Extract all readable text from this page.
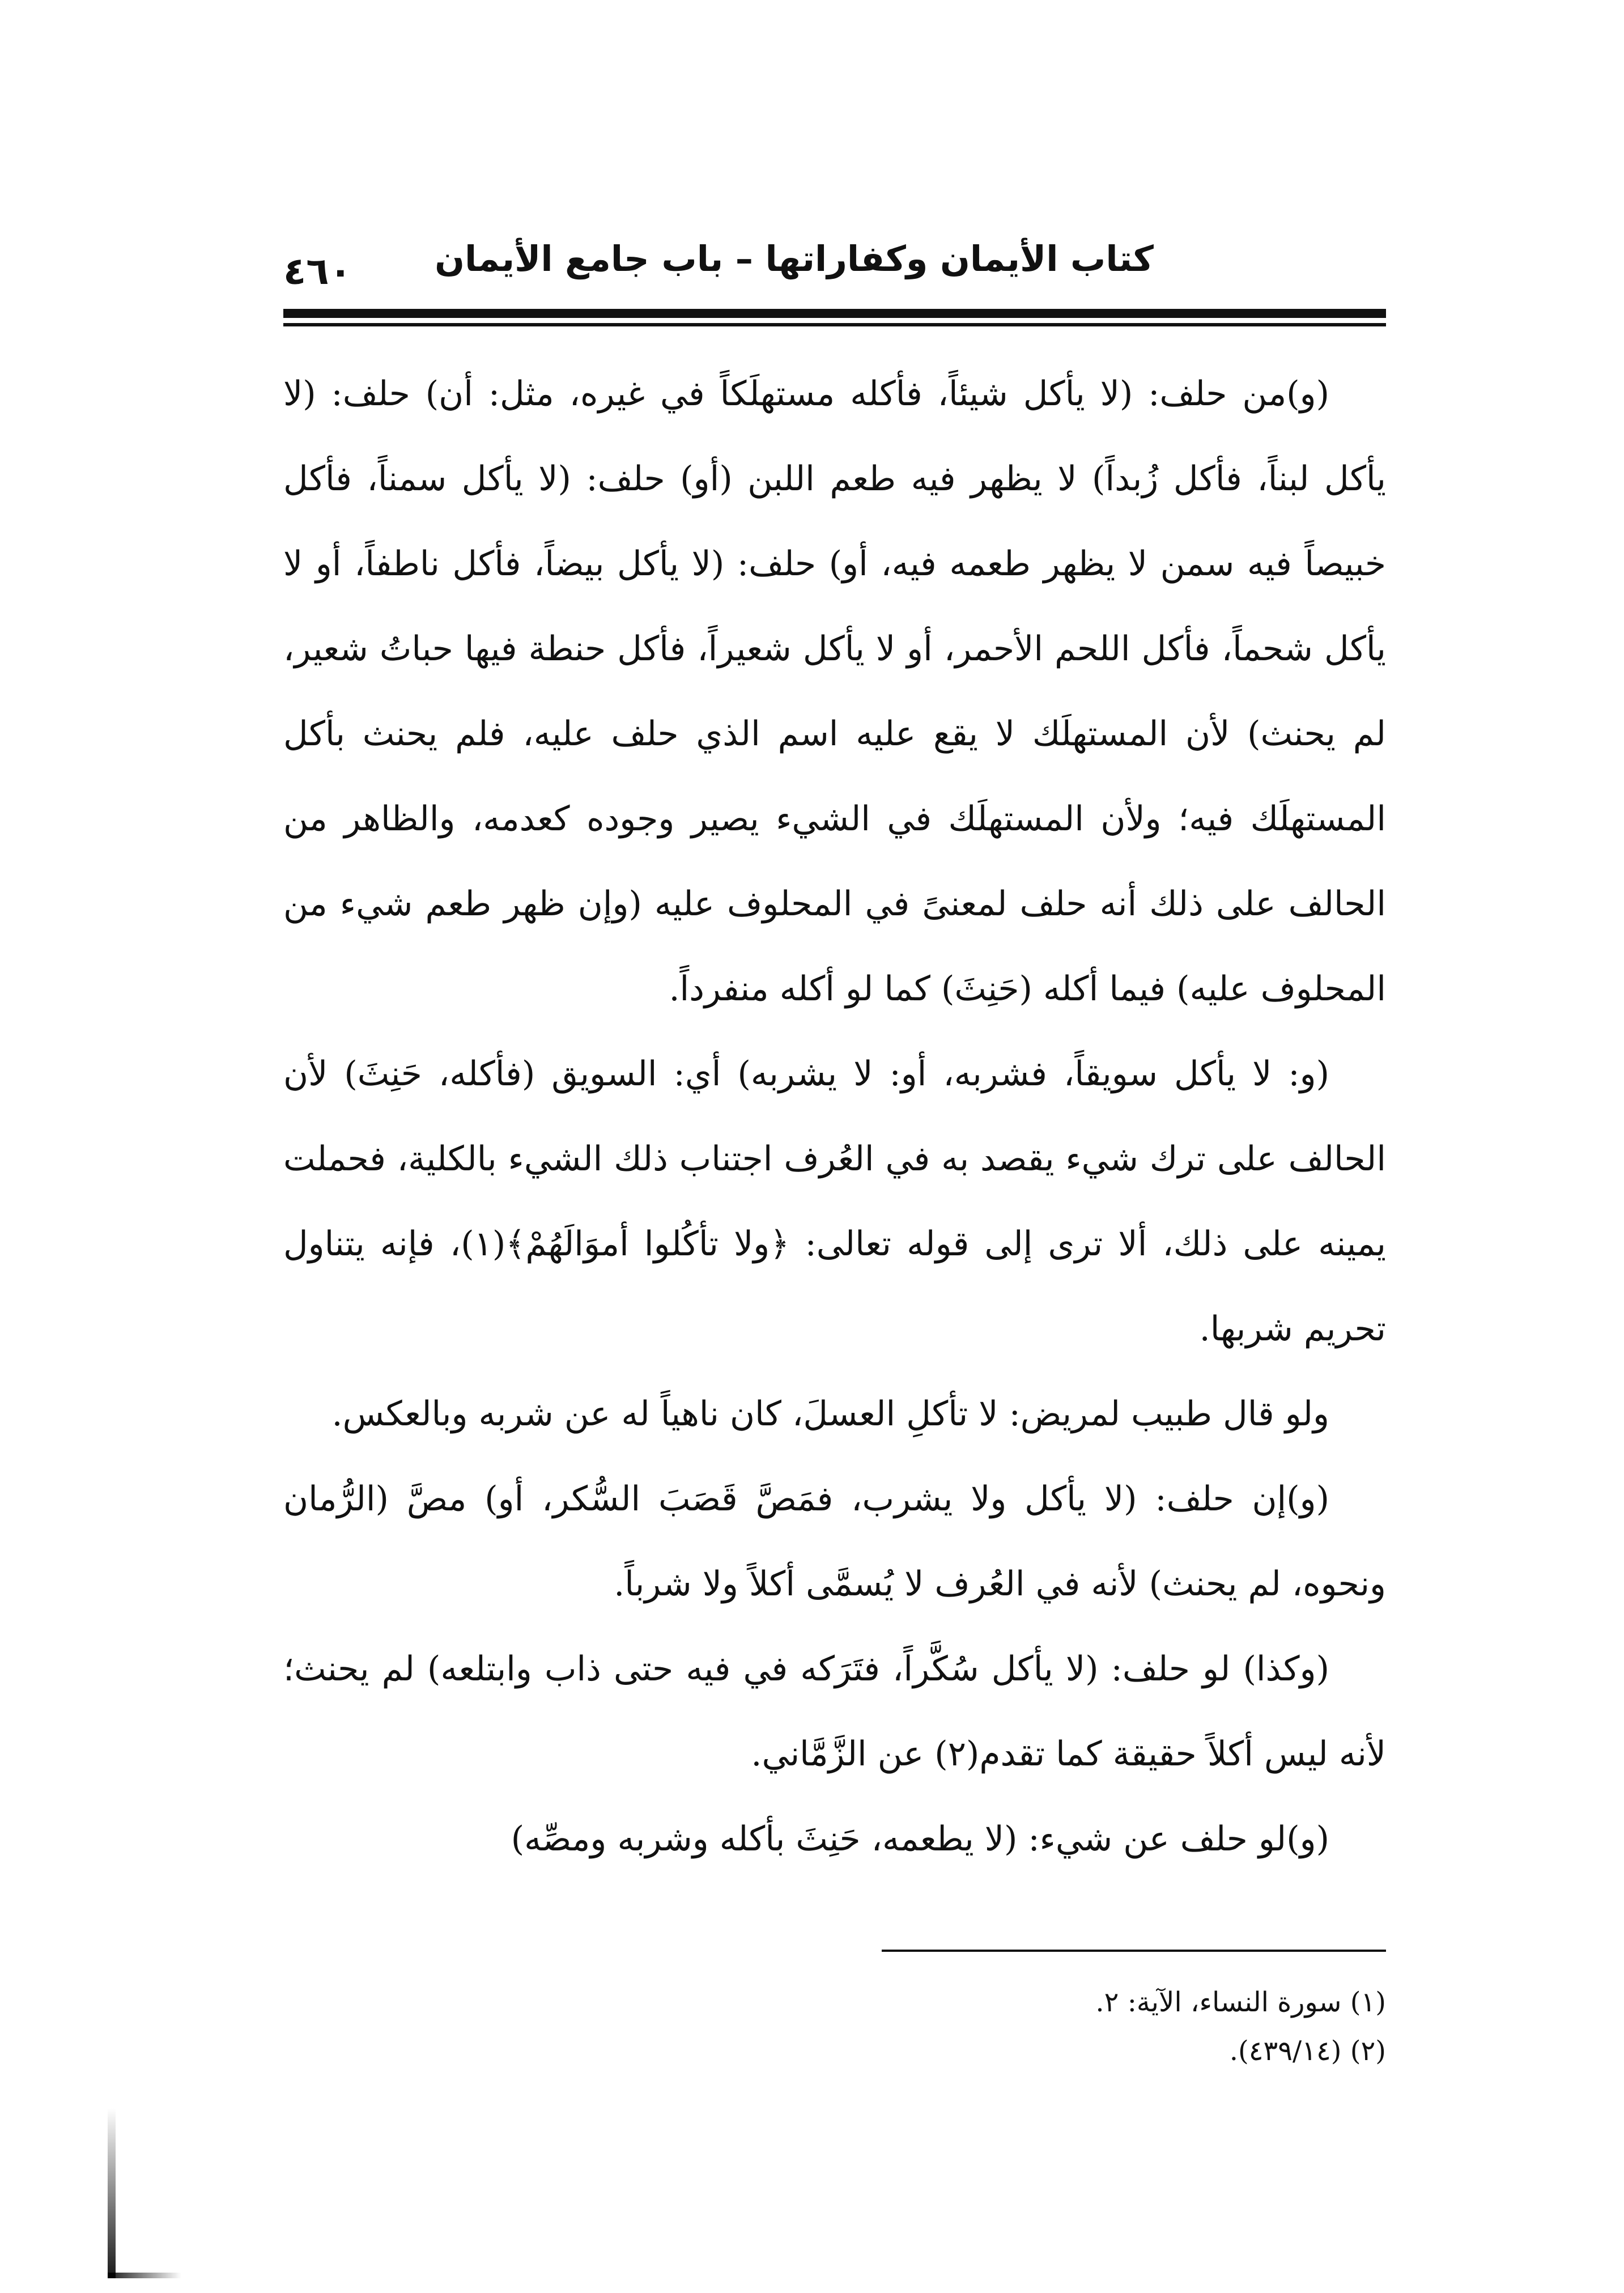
كتاب الأيمان وكفاراتها – باب جامع الأيمان
٤٦٠

(و)من حلف: (لا يأكل شيئاً، فأكله مستهلَكاً في غيره، مثل: أن) حلف: (لا يأكل لبناً، فأكل زُبداً) لا يظهر فيه طعم اللبن (أو) حلف: (لا يأكل سمناً، فأكل خبيصاً فيه سمن لا يظهر طعمه فيه، أو) حلف: (لا يأكل بيضاً، فأكل ناطفاً، أو لا يأكل شحماً، فأكل اللحم الأحمر، أو لا يأكل شعيراً، فأكل حنطة فيها حباتُ شعير، لم يحنث) لأن المستهلَك لا يقع عليه اسم الذي حلف عليه، فلم يحنث بأكل المستهلَك فيه؛ ولأن المستهلَك في الشيء يصير وجوده كعدمه، والظاهر من الحالف على ذلك أنه حلف لمعنىً في المحلوف عليه (وإن ظهر طعم شيء من المحلوف عليه) فيما أكله (حَنِثَ) كما لو أكله منفرداً.

(و: لا يأكل سويقاً، فشربه، أو: لا يشربه) أي: السويق (فأكله، حَنِثَ) لأن الحالف على ترك شيء يقصد به في العُرف اجتناب ذلك الشيء بالكلية، فحملت يمينه على ذلك، ألا ترى إلى قوله تعالى: ﴿ولا تأكُلوا أموَالَهُمْ﴾(١)، فإنه يتناول تحريم شربها.

ولو قال طبيب لمريض: لا تأكلِ العسلَ، كان ناهياً له عن شربه وبالعكس.

(و)إن حلف: (لا يأكل ولا يشرب، فمَصَّ قَصَبَ السُّكر، أو) مصَّ (الرُّمان ونحوه، لم يحنث) لأنه في العُرف لا يُسمَّى أكلاً ولا شرباً.

(وكذا) لو حلف: (لا يأكل سُكَّراً، فتَرَكه في فيه حتى ذاب وابتلعه) لم يحنث؛ لأنه ليس أكلاً حقيقة كما تقدم(٢) عن الزَّمَّاني.

(و)لو حلف عن شيء: (لا يطعمه، حَنِثَ بأكله وشربه ومصِّه)

(١) سورة النساء، الآية: ٢.
(٢) (٤٣٩/١٤).
